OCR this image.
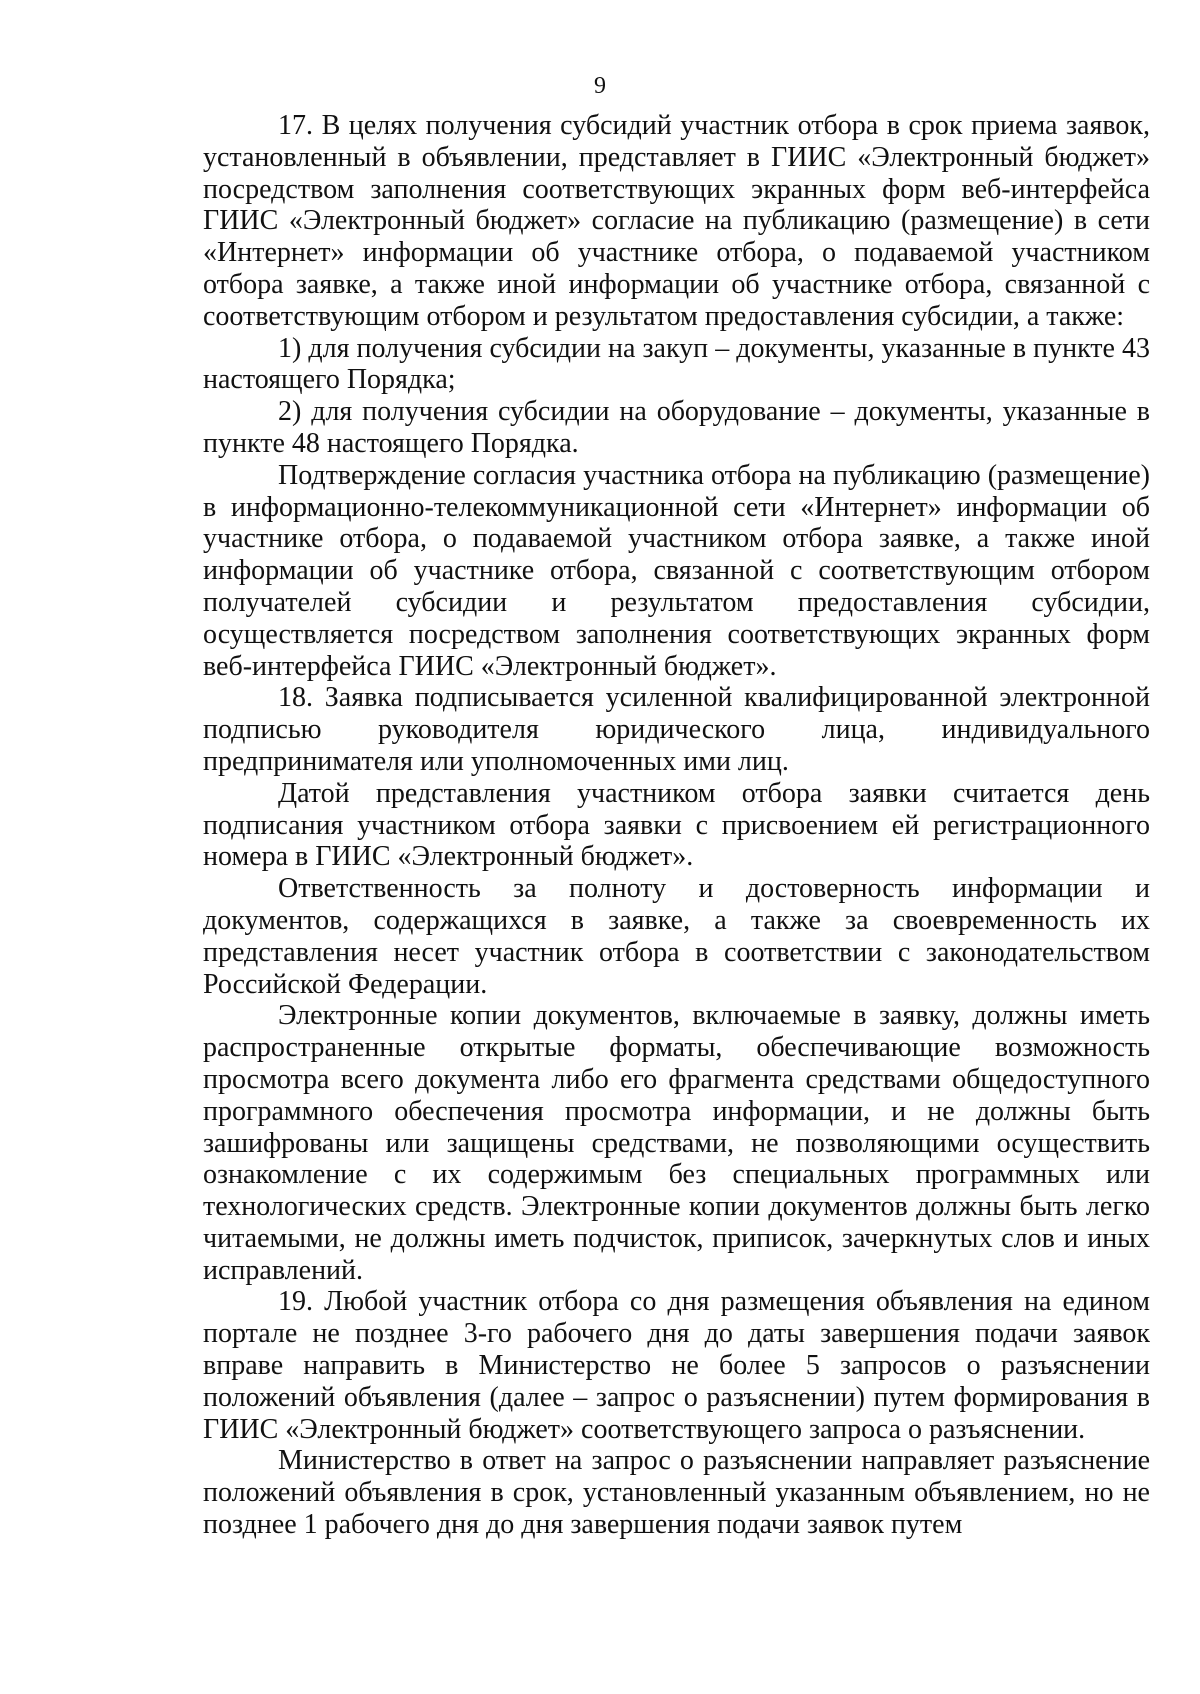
9

17. В целях получения субсидий участник отбора в срок приема заявок, установленный в объявлении, представляет в ГИИС «Электронный бюджет» посредством заполнения соответствующих экранных форм веб-интерфейса ГИИС «Электронный бюджет» согласие на публикацию (размещение) в сети «Интернет» информации об участнике отбора, о подаваемой участником отбора заявке, а также иной информации об участнике отбора, связанной с соответствующим отбором и результатом предоставления субсидии, а также:

1) для получения субсидии на закуп – документы, указанные в пункте 43 настоящего Порядка;

2) для получения субсидии на оборудование – документы, указанные в пункте 48 настоящего Порядка.

Подтверждение согласия участника отбора на публикацию (размещение) в информационно-телекоммуникационной сети «Интернет» информации об участнике отбора, о подаваемой участником отбора заявке, а также иной информации об участнике отбора, связанной с соответствующим отбором получателей субсидии и результатом предоставления субсидии, осуществляется посредством заполнения соответствующих экранных форм веб-интерфейса ГИИС «Электронный бюджет».

18. Заявка подписывается усиленной квалифицированной электронной подписью руководителя юридического лица, индивидуального предпринимателя или уполномоченных ими лиц.

Датой представления участником отбора заявки считается день подписания участником отбора заявки с присвоением ей регистрационного номера в ГИИС «Электронный бюджет».

Ответственность за полноту и достоверность информации и документов, содержащихся в заявке, а также за своевременность их представления несет участник отбора в соответствии с законодательством Российской Федерации.

Электронные копии документов, включаемые в заявку, должны иметь распространенные открытые форматы, обеспечивающие возможность просмотра всего документа либо его фрагмента средствами общедоступного программного обеспечения просмотра информации, и не должны быть зашифрованы или защищены средствами, не позволяющими осуществить ознакомление с их содержимым без специальных программных или технологических средств. Электронные копии документов должны быть легко читаемыми, не должны иметь подчисток, приписок, зачеркнутых слов и иных исправлений.

19. Любой участник отбора со дня размещения объявления на едином портале не позднее 3-го рабочего дня до даты завершения подачи заявок вправе направить в Министерство не более 5 запросов о разъяснении положений объявления (далее – запрос о разъяснении) путем формирования в ГИИС «Электронный бюджет» соответствующего запроса о разъяснении.

Министерство в ответ на запрос о разъяснении направляет разъяснение положений объявления в срок, установленный указанным объявлением, но не позднее 1 рабочего дня до дня завершения подачи заявок путем
